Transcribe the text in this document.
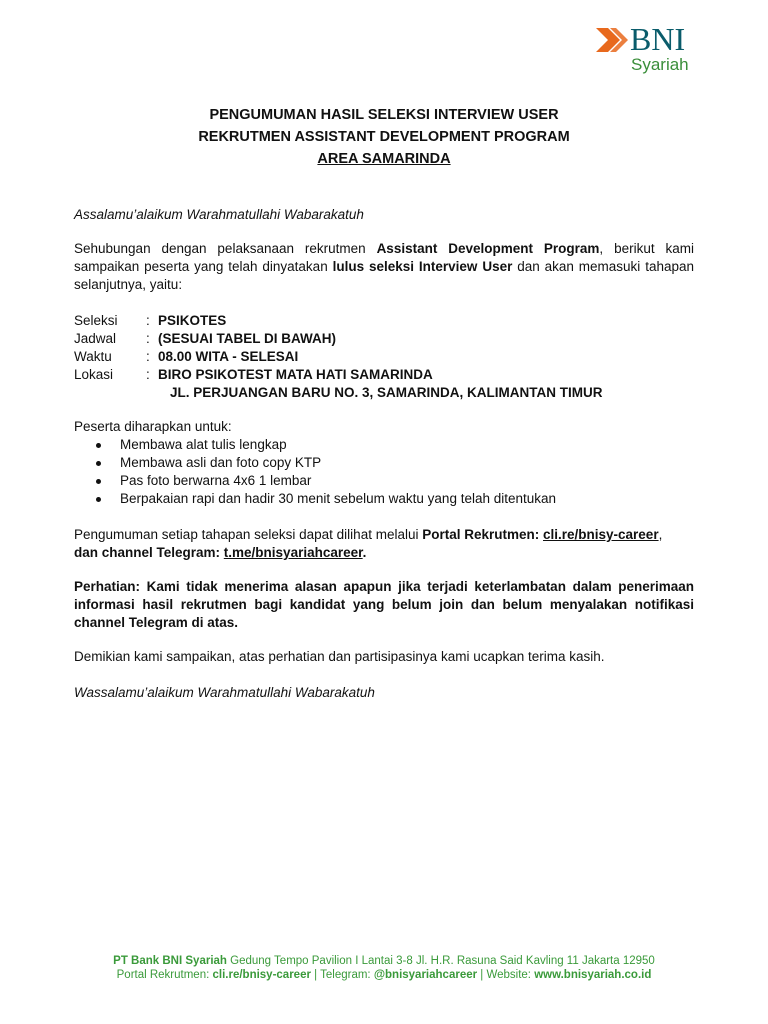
BNI
Syariah
PENGUMUMAN HASIL SELEKSI INTERVIEW USER
REKRUTMEN ASSISTANT DEVELOPMENT PROGRAM
AREA SAMARINDA

Assalamu’alaikum Warahmatullahi Wabarakatuh

Sehubungan dengan pelaksanaan rekrutmen Assistant Development Program, berikut kami sampaikan peserta yang telah dinyatakan lulus seleksi Interview User dan akan memasuki tahapan selanjutnya, yaitu:

Seleksi	: PSIKOTES
Jadwal	: (SESUAI TABEL DI BAWAH)
Waktu	: 08.00 WITA - SELESAI
Lokasi	: BIRO PSIKOTEST MATA HATI SAMARINDA
JL. PERJUANGAN BARU NO. 3, SAMARINDA, KALIMANTAN TIMUR

Peserta diharapkan untuk:

Membawa alat tulis lengkap
Membawa asli dan foto copy KTP
Pas foto berwarna 4x6 1 lembar
Berpakaian rapi dan hadir 30 menit sebelum waktu yang telah ditentukan

Pengumuman setiap tahapan seleksi dapat dilihat melalui Portal Rekrutmen: cli.re/bnisy-career,
dan channel Telegram: t.me/bnisyariahcareer.

Perhatian: Kami tidak menerima alasan apapun jika terjadi keterlambatan dalam penerimaan informasi hasil rekrutmen bagi kandidat yang belum join dan belum menyalakan notifikasi channel Telegram di atas.

Demikian kami sampaikan, atas perhatian dan partisipasinya kami ucapkan terima kasih.

Wassalamu’alaikum Warahmatullahi Wabarakatuh

PT Bank BNI Syariah Gedung Tempo Pavilion I Lantai 3-8 Jl. H.R. Rasuna Said Kavling 11 Jakarta 12950
Portal Rekrutmen: cli.re/bnisy-career | Telegram: @bnisyariahcareer | Website: www.bnisyariah.co.id
